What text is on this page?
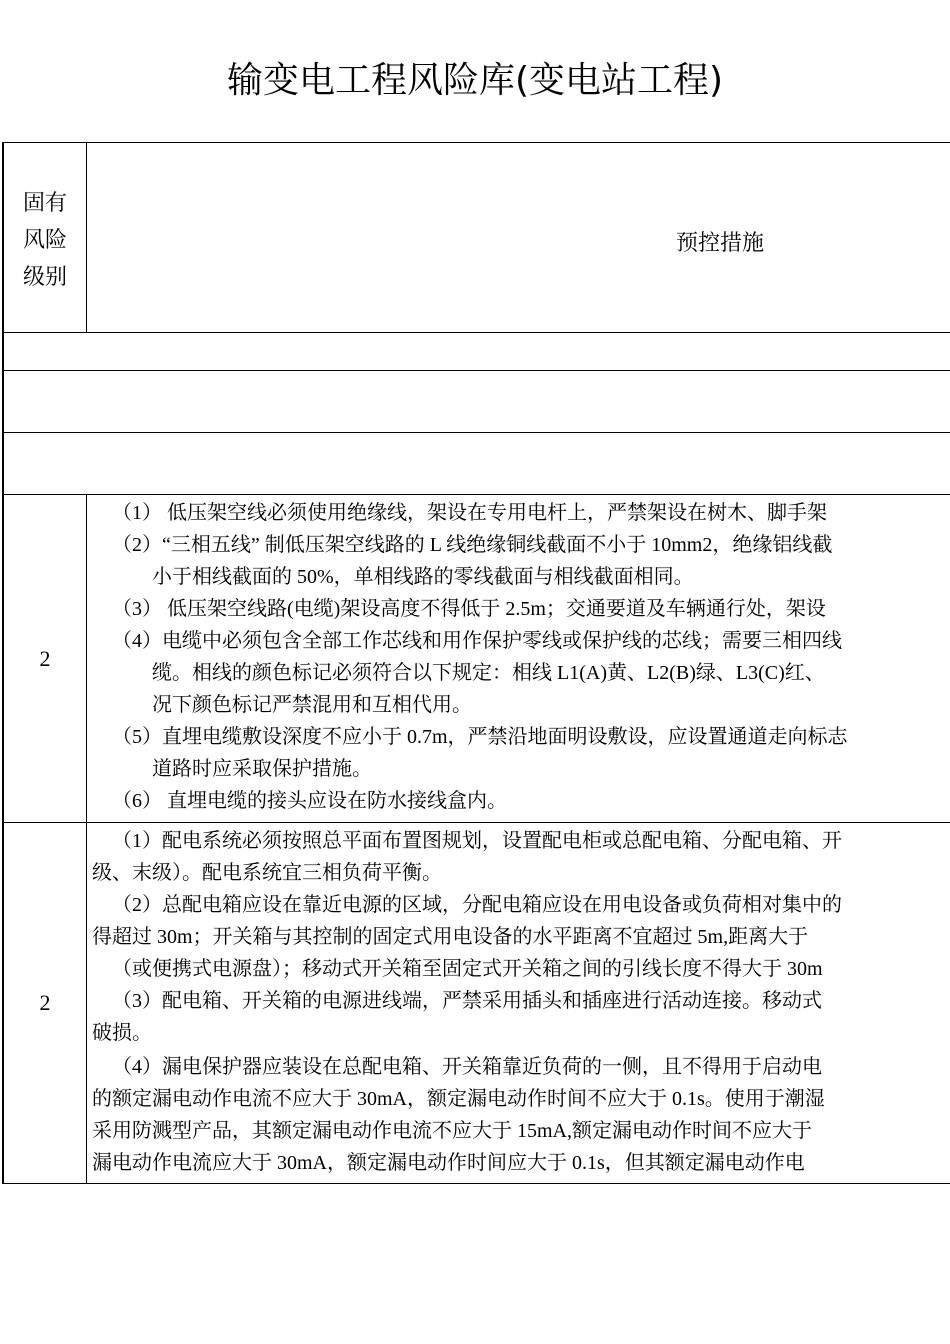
输变电工程风险库(变电站工程)
固有
风险
级别
预控措施
2
（1） 低压架空线必须使用绝缘线，架设在专用电杆上，严禁架设在树木、脚手架
（2）“三相五线” 制低压架空线路的 L 线绝缘铜线截面不小于 10mm2，绝缘铝线截
小于相线截面的 50%，单相线路的零线截面与相线截面相同。
（3） 低压架空线路(电缆)架设高度不得低于 2.5m；交通要道及车辆通行处，架设
（4）电缆中必须包含全部工作芯线和用作保护零线或保护线的芯线；需要三相四线
缆。相线的颜色标记必须符合以下规定：相线 L1(A)黄、L2(B)绿、L3(C)红、
况下颜色标记严禁混用和互相代用。
（5）直埋电缆敷设深度不应小于 0.7m，严禁沿地面明设敷设，应设置通道走向标志
道路时应采取保护措施。
（6） 直埋电缆的接头应设在防水接线盒内。
2
（1）配电系统必须按照总平面布置图规划，设置配电柜或总配电箱、分配电箱、开
级、末级）。配电系统宜三相负荷平衡。
（2）总配电箱应设在靠近电源的区域，分配电箱应设在用电设备或负荷相对集中的
得超过 30m；开关箱与其控制的固定式用电设备的水平距离不宜超过 5m,距离大于
（或便携式电源盘）；移动式开关箱至固定式开关箱之间的引线长度不得大于 30m
（3）配电箱、开关箱的电源进线端，严禁采用插头和插座进行活动连接。移动式
破损。
（4）漏电保护器应装设在总配电箱、开关箱靠近负荷的一侧，且不得用于启动电
的额定漏电动作电流不应大于 30mA，额定漏电动作时间不应大于 0.1s。使用于潮湿
采用防溅型产品，其额定漏电动作电流不应大于 15mA,额定漏电动作时间不应大于
漏电动作电流应大于 30mA，额定漏电动作时间应大于 0.1s，但其额定漏电动作电
